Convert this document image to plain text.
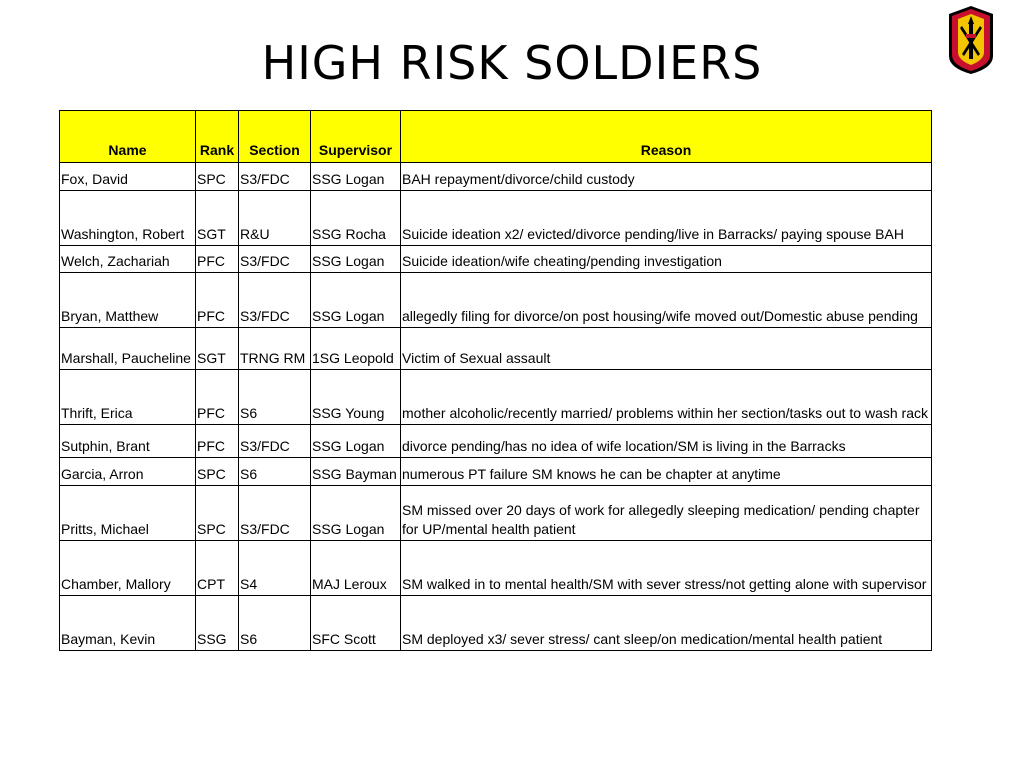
HIGH RISK SOLDIERS
Name	Rank	Section	Supervisor	Reason
Fox, David	SPC	S3/FDC	SSG Logan	BAH repayment/divorce/child custody
Washington, Robert	SGT	R&U	SSG Rocha	Suicide ideation x2/ evicted/divorce pending/live in Barracks/ paying spouse BAH
Welch, Zachariah	PFC	S3/FDC	SSG Logan	Suicide ideation/wife cheating/pending investigation
Bryan, Matthew	PFC	S3/FDC	SSG Logan	allegedly filing for divorce/on post housing/wife moved out/Domestic abuse pending
Marshall, Paucheline	SGT	TRNG RM	1SG Leopold	Victim of Sexual assault
Thrift, Erica	PFC	S6	SSG Young	mother alcoholic/recently married/ problems within her section/tasks out to wash rack
Sutphin, Brant	PFC	S3/FDC	SSG Logan	divorce pending/has no idea of wife location/SM is living in the Barracks
Garcia, Arron	SPC	S6	SSG Bayman	numerous PT failure SM knows he can be chapter at anytime
Pritts, Michael	SPC	S3/FDC	SSG Logan	SM missed over 20 days of work for allegedly sleeping medication/ pending chapter for UP/mental health patient
Chamber, Mallory	CPT	S4	MAJ Leroux	SM walked in to mental health/SM with sever stress/not getting alone with supervisor
Bayman, Kevin	SSG	S6	SFC Scott	SM deployed x3/ sever stress/ cant sleep/on medication/mental health patient
